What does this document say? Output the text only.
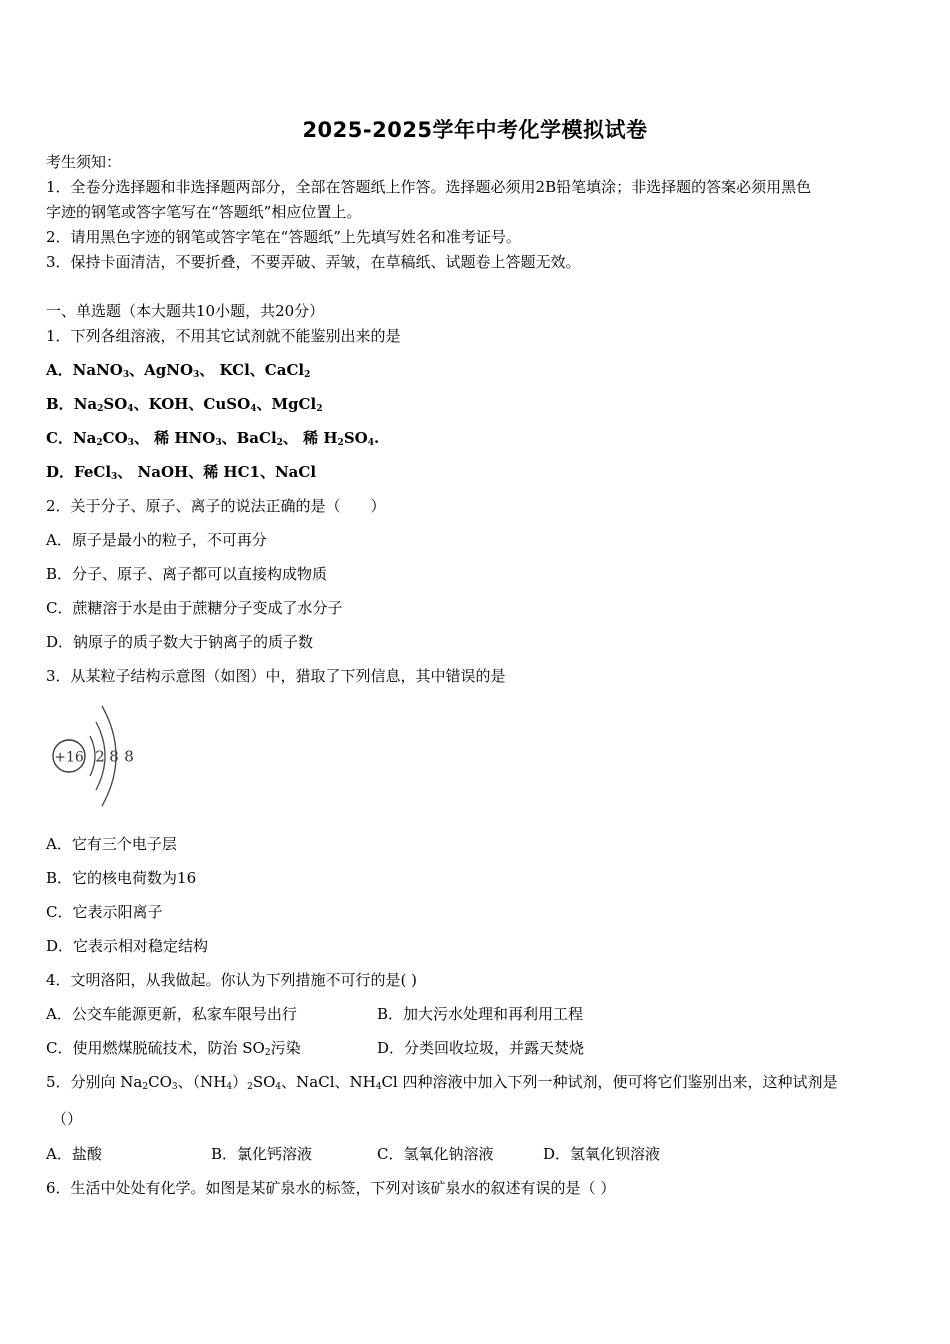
2025-2025学年中考化学模拟试卷
考生须知：
1．全卷分选择题和非选择题两部分，全部在答题纸上作答。选择题必须用2B铅笔填涂；非选择题的答案必须用黑色
字迹的钢笔或答字笔写在“答题纸”相应位置上。
2．请用黑色字迹的钢笔或答字笔在“答题纸”上先填写姓名和准考证号。
3．保持卡面清洁，不要折叠，不要弄破、弄皱，在草稿纸、试题卷上答题无效。
一、单选题（本大题共10小题，共20分）
1．下列各组溶液，不用其它试剂就不能鉴别出来的是
A．NaNO$_3$、AgNO$_3$、 KCl、CaCl$_2$
B．$Na_2SO_4$、KOH、CuSO$_4$、MgCl$_2$
C．$Na_2CO_3$、 稀 $HNO_3$、BaCl$_2$、 稀 $H_2SO_4$.
D．FeCl$_3$、 NaOH、稀 HC1、NaCl
2．关于分子、原子、离子的说法正确的是（　　）
A．原子是最小的粒子，不可再分
B．分子、原子、离子都可以直接构成物质
C．蔗糖溶于水是由于蔗糖分子变成了水分子
D．钠原子的质子数大于钠离子的质子数
3．从某粒子结构示意图（如图）中，猎取了下列信息，其中错误的是
+16 2 8 8
A．它有三个电子层
B．它的核电荷数为16
C．它表示阳离子
D．它表示相对稳定结构
4．文明洛阳，从我做起。你认为下列措施不可行的是( )
A．公交车能源更新，私家车限号出行	B．加大污水处理和再利用工程
C．使用燃煤脱硫技术，防治 $SO_2$污染	D．分类回收垃圾，并露天焚烧
5．分别向 $Na_2CO_3$、$(NH_4)_2SO_4$、NaCl、$NH_4Cl$ 四种溶液中加入下列一种试剂，便可将它们鉴别出来，这种试剂是
（）
A．盐酸	B．氯化钙溶液	C．氢氧化钠溶液	D．氢氧化钡溶液
6．生活中处处有化学。如图是某矿泉水的标签，下列对该矿泉水的叙述有误的是（ ）
